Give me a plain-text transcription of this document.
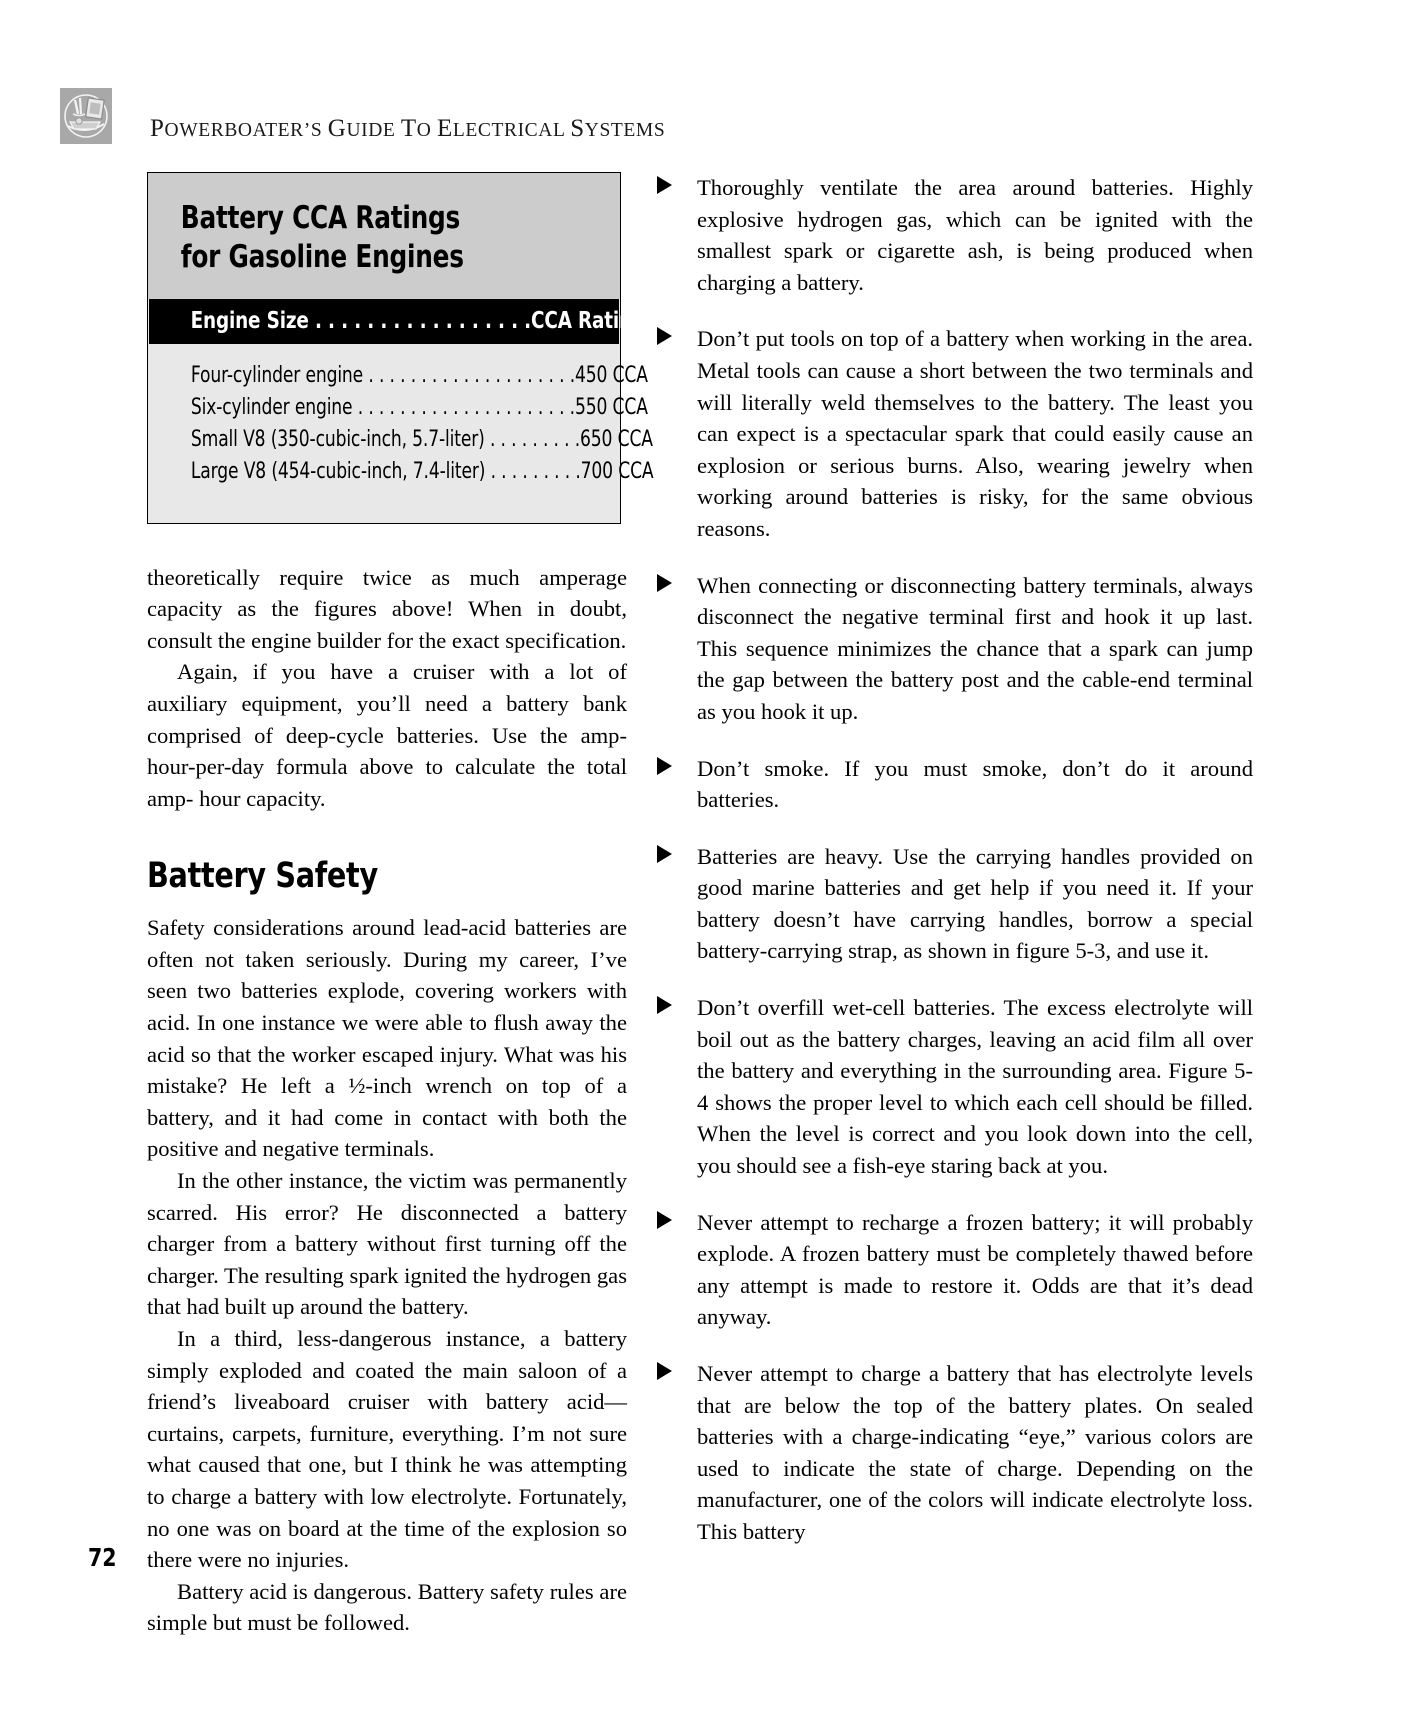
POWERBOATER’S GUIDE TO ELECTRICAL SYSTEMS
Battery CCA Ratings
for Gasoline Engines
Engine Size . . . . . . . . . . . . . . . . .CCA Rating
Four-cylinder engine . . . . . . . . . . . . . . . . . . . .450 CCA
Six-cylinder engine . . . . . . . . . . . . . . . . . . . . .550 CCA
Small V8 (350-cubic-inch, 5.7-liter) . . . . . . . . .650 CCA
Large V8 (454-cubic-inch, 7.4-liter) . . . . . . . . .700 CCA

theoretically require twice as much amperage capacity as the figures above! When in doubt, consult the engine builder for the exact specification.

Again, if you have a cruiser with a lot of auxiliary equipment, you’ll need a battery bank comprised of deep-cycle batteries. Use the amp-hour-per-day formula above to calculate the total amp- hour capacity.

Battery Safety

Safety considerations around lead-acid batteries are often not taken seriously. During my career, I’ve seen two batteries explode, covering workers with acid. In one instance we were able to flush away the acid so that the worker escaped injury. What was his mistake? He left a ½-inch wrench on top of a battery, and it had come in contact with both the positive and negative terminals.

In the other instance, the victim was permanently scarred. His error? He disconnected a battery charger from a battery without first turning off the charger. The resulting spark ignited the hydrogen gas that had built up around the battery.

In a third, less-dangerous instance, a battery simply exploded and coated the main saloon of a friend’s liveaboard cruiser with battery acid—curtains, carpets, furniture, everything. I’m not sure what caused that one, but I think he was attempting to charge a battery with low electrolyte. Fortunately, no one was on board at the time of the explosion so there were no injuries.

Battery acid is dangerous. Battery safety rules are simple but must be followed.

Thoroughly ventilate the area around batteries. Highly explosive hydrogen gas, which can be ignited with the smallest spark or cigarette ash, is being produced when charging a battery.
Don’t put tools on top of a battery when working in the area. Metal tools can cause a short between the two terminals and will literally weld themselves to the battery. The least you can expect is a spectacular spark that could easily cause an explosion or serious burns. Also, wearing jewelry when working around batteries is risky, for the same obvious reasons.
When connecting or disconnecting battery terminals, always disconnect the negative terminal first and hook it up last. This sequence minimizes the chance that a spark can jump the gap between the battery post and the cable-end terminal as you hook it up.
Don’t smoke. If you must smoke, don’t do it around batteries.
Batteries are heavy. Use the carrying handles provided on good marine batteries and get help if you need it. If your battery doesn’t have carrying handles, borrow a special battery-carrying strap, as shown in figure 5-3, and use it.
Don’t overfill wet-cell batteries. The excess electrolyte will boil out as the battery charges, leaving an acid film all over the battery and everything in the surrounding area. Figure 5-4 shows the proper level to which each cell should be filled. When the level is correct and you look down into the cell, you should see a fish-eye staring back at you.
Never attempt to recharge a frozen battery; it will probably explode. A frozen battery must be completely thawed before any attempt is made to restore it. Odds are that it’s dead anyway.
Never attempt to charge a battery that has electrolyte levels that are below the top of the battery plates. On sealed batteries with a charge-indicating “eye,” various colors are used to indicate the state of charge. Depending on the manufacturer, one of the colors will indicate electrolyte loss. This battery
72
